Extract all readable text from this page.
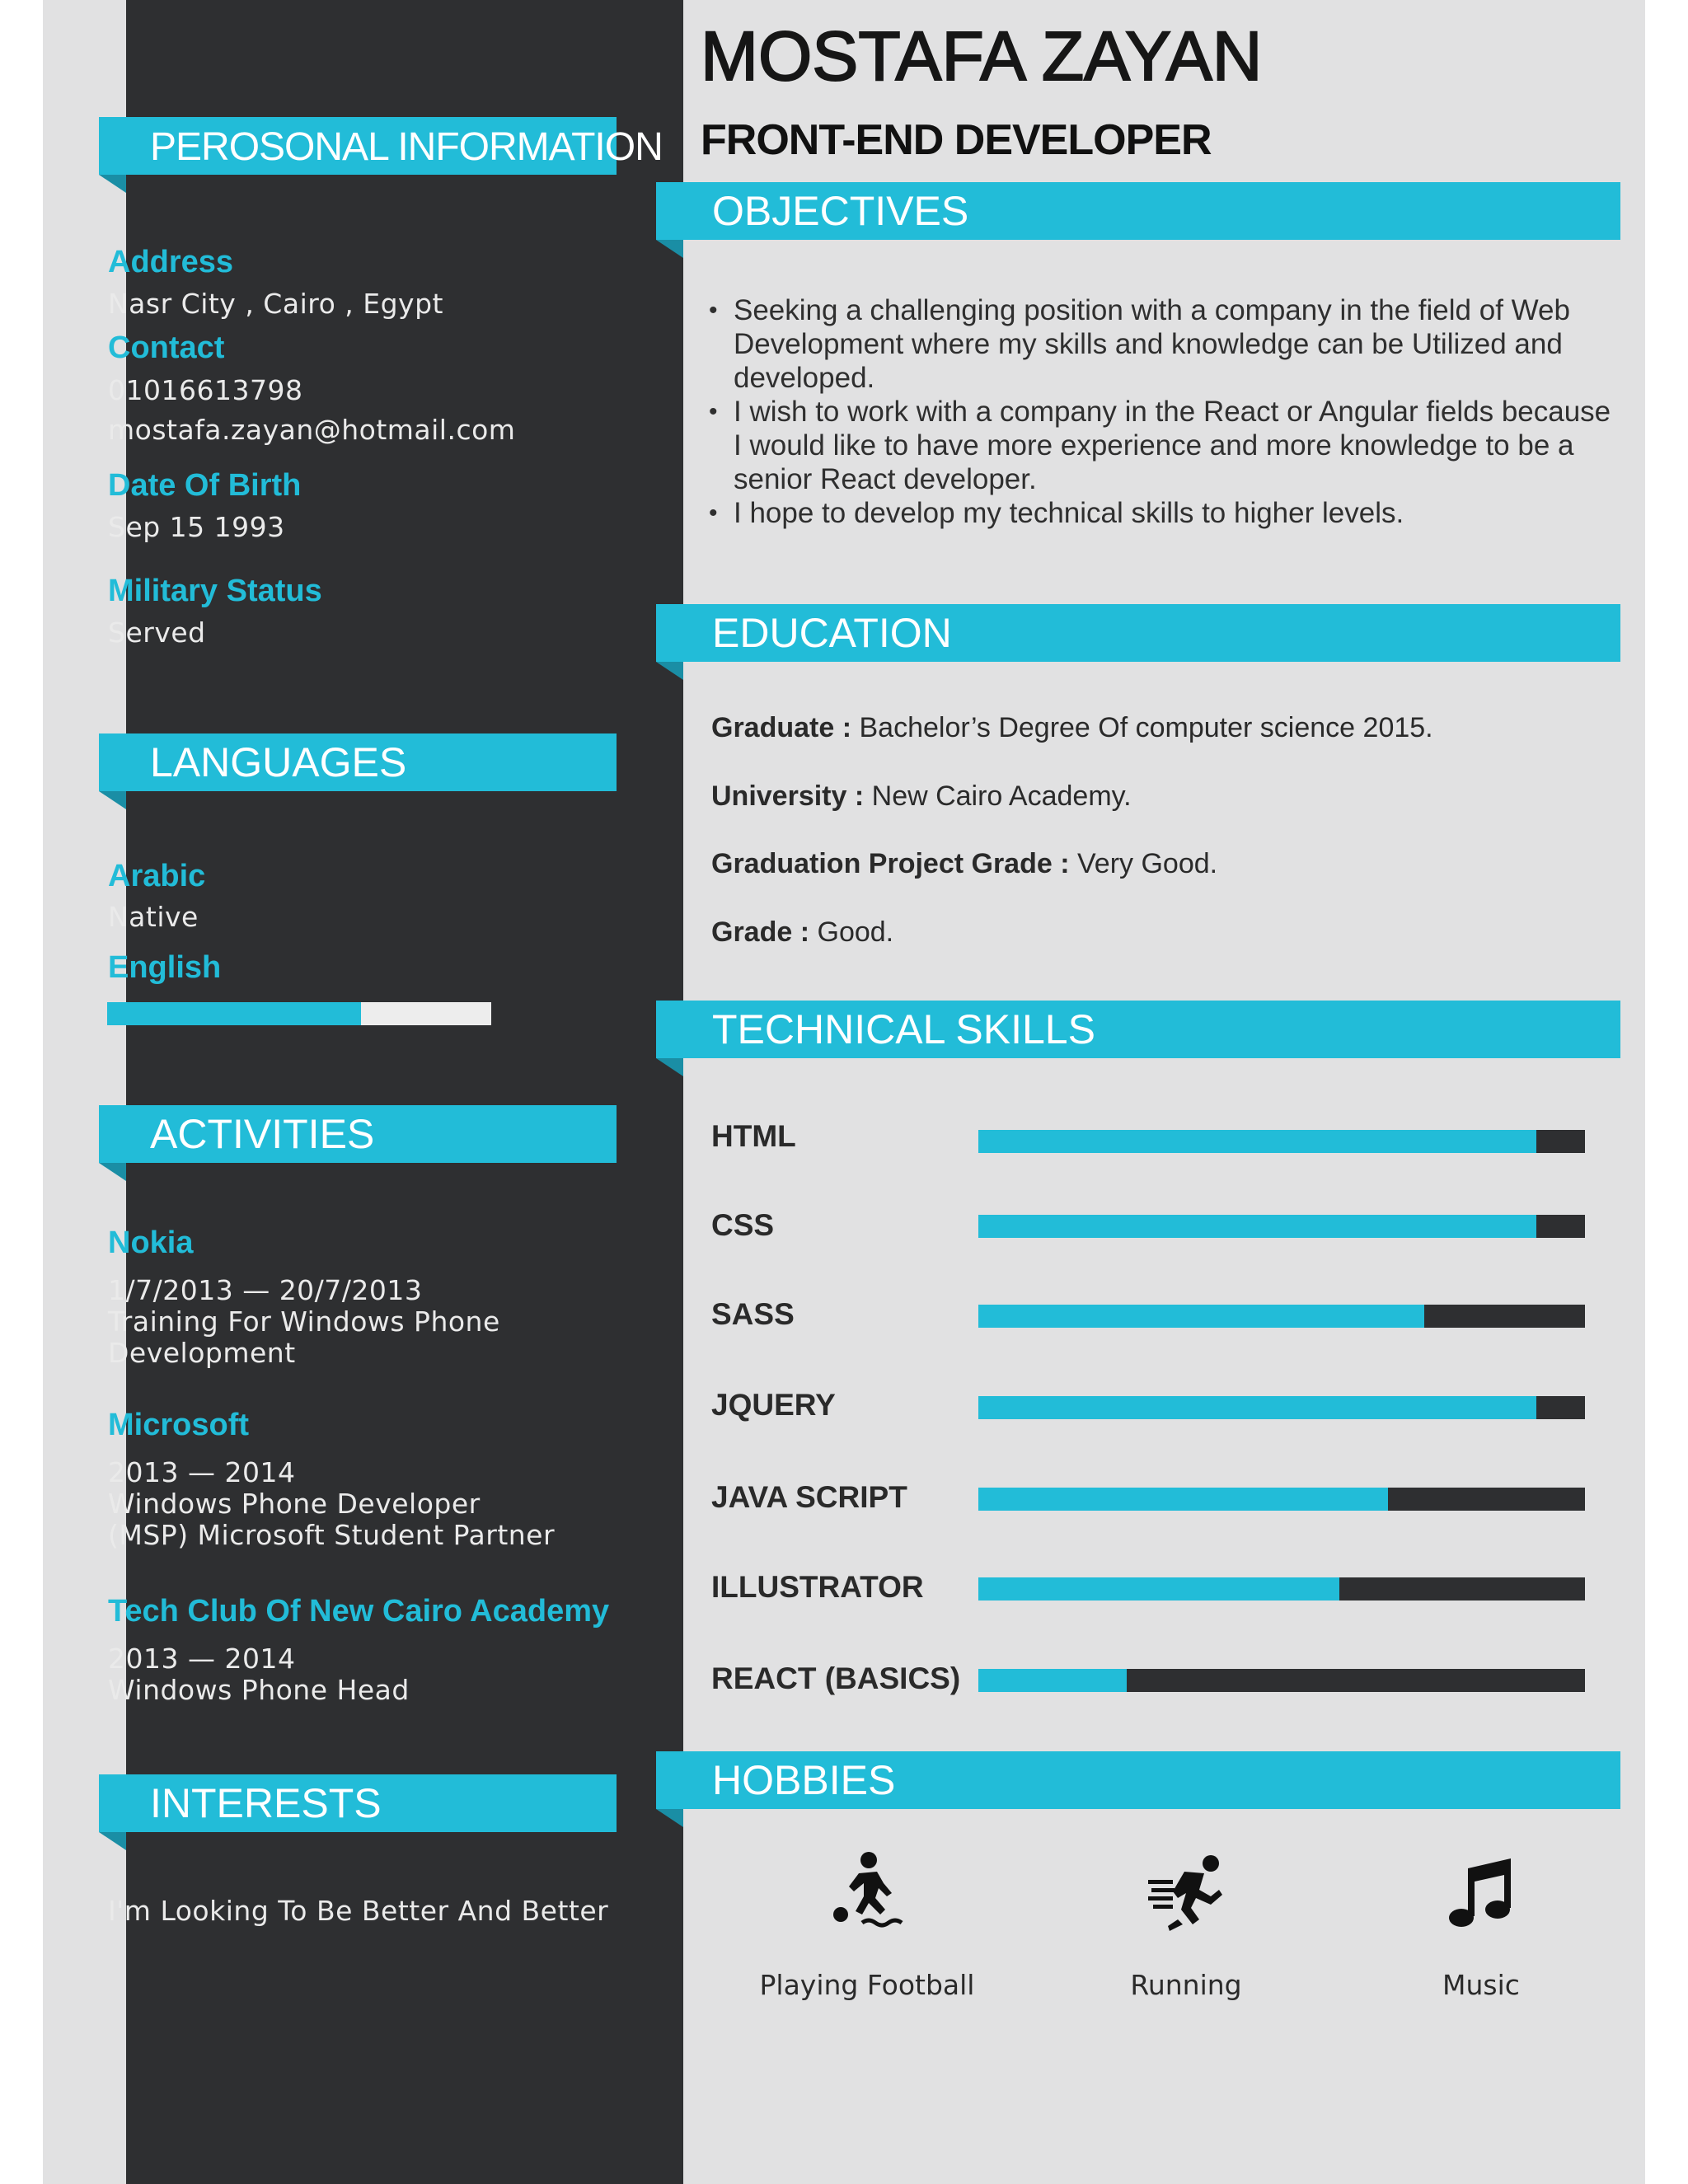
PEROSONAL INFORMATION
Address
Nasr City , Cairo , Egypt
Contact
01016613798
mostafa.zayan@hotmail.com
Date Of Birth
Sep 15 1993
Military Status
Served
LANGUAGES
Arabic
Native
English
ACTIVITIES
Nokia
1/7/2013 — 20/7/2013
Training For Windows Phone
Development
Microsoft
2013 — 2014
Windows Phone Developer
(MSP) Microsoft Student Partner
Tech Club Of New Cairo Academy
2013 — 2014
Windows Phone Head
INTERESTS
I'm Looking To Be Better And Better
MOSTAFA ZAYAN
FRONT-END DEVELOPER
OBJECTIVES
• Seeking a challenging position with a company in the field of Web Development where my skills and knowledge can be Utilized and developed.
• I wish to work with a company in the React or Angular fields because I would like to have more experience and more knowledge to be a senior React developer.
• I hope to develop my technical skills to higher levels.
EDUCATION
Graduate : Bachelor’s Degree Of computer science 2015.
University : New Cairo Academy.
Graduation Project Grade : Very Good.
Grade : Good.
TECHNICAL SKILLS
HTML
CSS
SASS
JQUERY
JAVA SCRIPT
ILLUSTRATOR
REACT (BASICS)
HOBBIES
Playing Football	Running	Music
